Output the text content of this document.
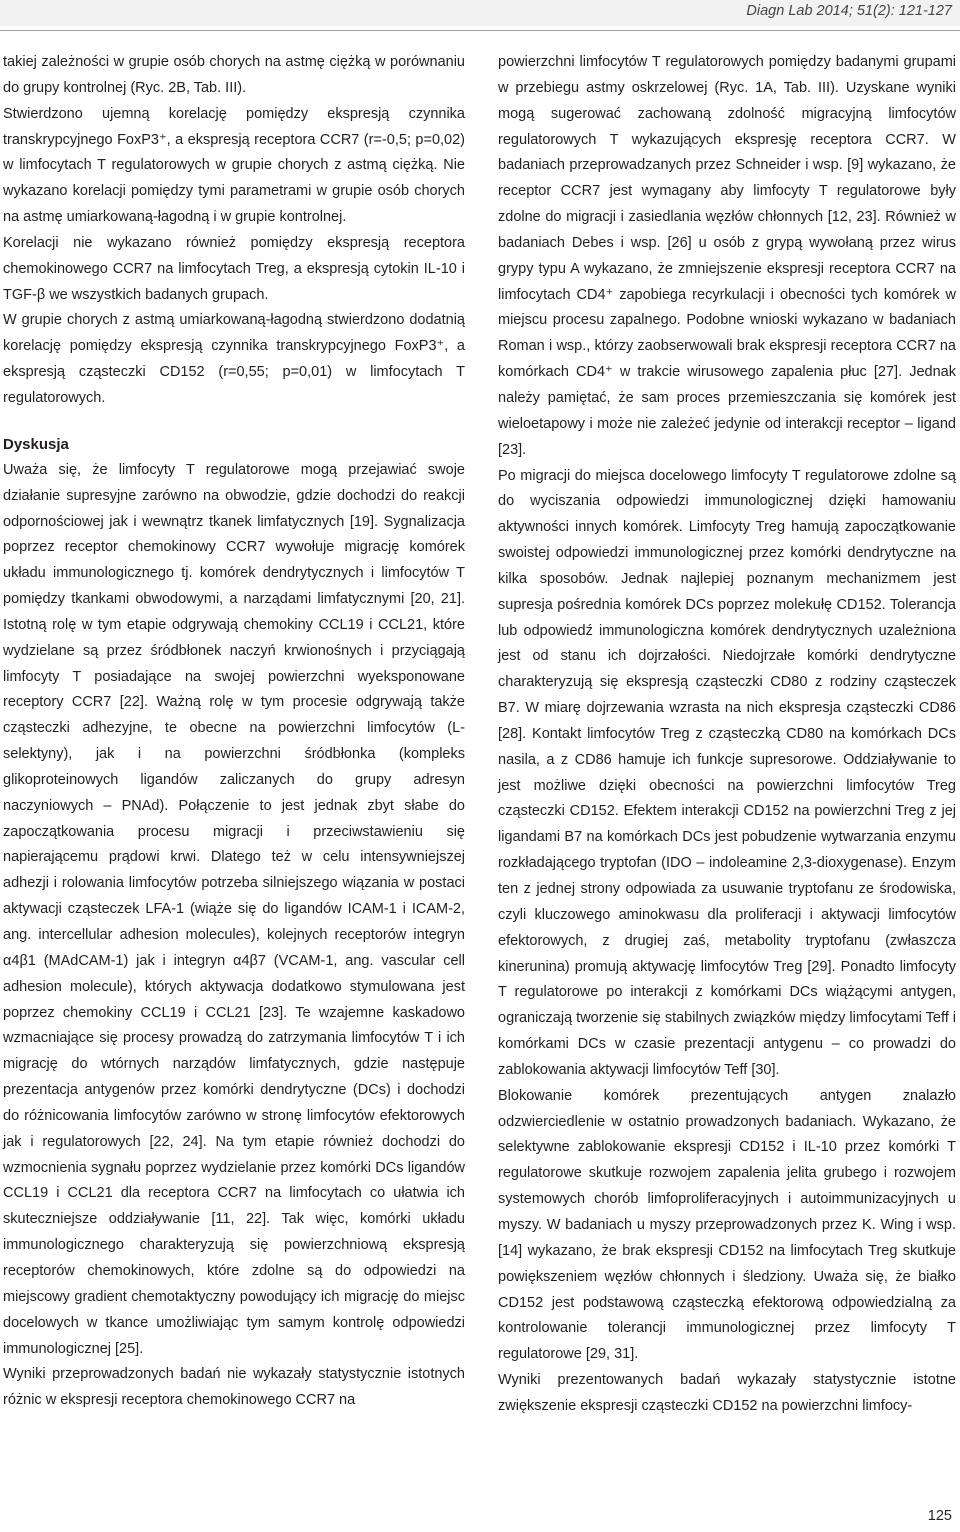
Diagn Lab 2014; 51(2): 121-127

takiej zależności w grupie osób chorych na astmę ciężką w porównaniu do grupy kontrolnej (Ryc. 2B, Tab. III).

Stwierdzono ujemną korelację pomiędzy ekspresją czynnika transkrypcyjnego FoxP3⁺, a ekspresją receptora CCR7 (r=-0,5; p=0,02) w limfocytach T regulatorowych w grupie chorych z astmą ciężką. Nie wykazano korelacji pomiędzy tymi parametrami w grupie osób chorych na astmę umiarkowaną-łagodną i w grupie kontrolnej.

Korelacji nie wykazano również pomiędzy ekspresją receptora chemokinowego CCR7 na limfocytach Treg, a ekspresją cytokin IL-10 i TGF-β we wszystkich badanych grupach.

W grupie chorych z astmą umiarkowaną-łagodną stwierdzono dodatnią korelację pomiędzy ekspresją czynnika transkrypcyjnego FoxP3⁺, a ekspresją cząsteczki CD152 (r=0,55; p=0,01) w limfocytach T regulatorowych.

Dyskusja

Uważa się, że limfocyty T regulatorowe mogą przejawiać swoje działanie supresyjne zarówno na obwodzie, gdzie dochodzi do reakcji odpornościowej jak i wewnątrz tkanek limfatycznych [19]. Sygnalizacja poprzez receptor chemokinowy CCR7 wywołuje migrację komórek układu immunologicznego tj. komórek dendrytycznych i limfocytów T pomiędzy tkankami obwodowymi, a narządami limfatycznymi [20, 21]. Istotną rolę w tym etapie odgrywają chemokiny CCL19 i CCL21, które wydzielane są przez śródbłonek naczyń krwionośnych i przyciągają limfocyty T posiadające na swojej powierzchni wyeksponowane receptory CCR7 [22]. Ważną rolę w tym procesie odgrywają także cząsteczki adhezyjne, te obecne na powierzchni limfocytów (L-selektyny), jak i na powierzchni śródbłonka (kompleks glikoproteinowych ligandów zaliczanych do grupy adresyn naczyniowych – PNAd). Połączenie to jest jednak zbyt słabe do zapoczątkowania procesu migracji i przeciwstawieniu się napierającemu prądowi krwi. Dlatego też w celu intensywniejszej adhezji i rolowania limfocytów potrzeba silniejszego wiązania w postaci aktywacji cząsteczek LFA-1 (wiąże się do ligandów ICAM-1 i ICAM-2, ang. intercellular adhesion molecules), kolejnych receptorów integryn α4β1 (MAdCAM-1) jak i integryn α4β7 (VCAM-1, ang. vascular cell adhesion molecule), których aktywacja dodatkowo stymulowana jest poprzez chemokiny CCL19 i CCL21 [23]. Te wzajemne kaskadowo wzmacniające się procesy prowadzą do zatrzymania limfocytów T i ich migrację do wtórnych narządów limfatycznych, gdzie następuje prezentacja antygenów przez komórki dendrytyczne (DCs) i dochodzi do różnicowania limfocytów zarówno w stronę limfocytów efektorowych jak i regulatorowych [22, 24]. Na tym etapie również dochodzi do wzmocnienia sygnału poprzez wydzielanie przez komórki DCs ligandów CCL19 i CCL21 dla receptora CCR7 na limfocytach co ułatwia ich skuteczniejsze oddziaływanie [11, 22]. Tak więc, komórki układu immunologicznego charakteryzują się powierzchniową ekspresją receptorów chemokinowych, które zdolne są do odpowiedzi na miejscowy gradient chemotaktyczny powodujący ich migrację do miejsc docelowych w tkance umożliwiając tym samym kontrolę odpowiedzi immunologicznej [25].

Wyniki przeprowadzonych badań nie wykazały statystycznie istotnych różnic w ekspresji receptora chemokinowego CCR7 na

powierzchni limfocytów T regulatorowych pomiędzy badanymi grupami w przebiegu astmy oskrzelowej (Ryc. 1A, Tab. III). Uzyskane wyniki mogą sugerować zachowaną zdolność migracyjną limfocytów regulatorowych T wykazujących ekspresję receptora CCR7. W badaniach przeprowadzanych przez Schneider i wsp. [9] wykazano, że receptor CCR7 jest wymagany aby limfocyty T regulatorowe były zdolne do migracji i zasiedlania węzłów chłonnych [12, 23]. Również w badaniach Debes i wsp. [26] u osób z grypą wywołaną przez wirus grypy typu A wykazano, że zmniejszenie ekspresji receptora CCR7 na limfocytach CD4⁺ zapobiega recyrkulacji i obecności tych komórek w miejscu procesu zapalnego. Podobne wnioski wykazano w badaniach Roman i wsp., którzy zaobserwowali brak ekspresji receptora CCR7 na komórkach CD4⁺ w trakcie wirusowego zapalenia płuc [27]. Jednak należy pamiętać, że sam proces przemieszczania się komórek jest wieloetapowy i może nie zależeć jedynie od interakcji receptor – ligand [23].

Po migracji do miejsca docelowego limfocyty T regulatorowe zdolne są do wyciszania odpowiedzi immunologicznej dzięki hamowaniu aktywności innych komórek. Limfocyty Treg hamują zapoczątkowanie swoistej odpowiedzi immunologicznej przez komórki dendrytyczne na kilka sposobów. Jednak najlepiej poznanym mechanizmem jest supresja pośrednia komórek DCs poprzez molekułę CD152. Tolerancja lub odpowiedź immunologiczna komórek dendrytycznych uzależniona jest od stanu ich dojrzałości. Niedojrzałe komórki dendrytyczne charakteryzują się ekspresją cząsteczki CD80 z rodziny cząsteczek B7. W miarę dojrzewania wzrasta na nich ekspresja cząsteczki CD86 [28]. Kontakt limfocytów Treg z cząsteczką CD80 na komórkach DCs nasila, a z CD86 hamuje ich funkcje supresorowe. Oddziaływanie to jest możliwe dzięki obecności na powierzchni limfocytów Treg cząsteczki CD152. Efektem interakcji CD152 na powierzchni Treg z jej ligandami B7 na komórkach DCs jest pobudzenie wytwarzania enzymu rozkładającego tryptofan (IDO – indoleamine 2,3-dioxygenase). Enzym ten z jednej strony odpowiada za usuwanie tryptofanu ze środowiska, czyli kluczowego aminokwasu dla proliferacji i aktywacji limfocytów efektorowych, z drugiej zaś, metabolity tryptofanu (zwłaszcza kinerunina) promują aktywację limfocytów Treg [29]. Ponadto limfocyty T regulatorowe po interakcji z komórkami DCs wiążącymi antygen, ograniczają tworzenie się stabilnych związków między limfocytami Teff i komórkami DCs w czasie prezentacji antygenu – co prowadzi do zablokowania aktywacji limfocytów Teff [30].

Blokowanie komórek prezentujących antygen znalazło odzwierciedlenie w ostatnio prowadzonych badaniach. Wykazano, że selektywne zablokowanie ekspresji CD152 i IL-10 przez komórki T regulatorowe skutkuje rozwojem zapalenia jelita grubego i rozwojem systemowych chorób limfoproliferacyjnych i autoimmunizacyjnych u myszy. W badaniach u myszy przeprowadzonych przez K. Wing i wsp. [14] wykazano, że brak ekspresji CD152 na limfocytach Treg skutkuje powiększeniem węzłów chłonnych i śledziony. Uważa się, że białko CD152 jest podstawową cząsteczką efektorową odpowiedzialną za kontrolowanie tolerancji immunologicznej przez limfocyty T regulatorowe [29, 31].

Wyniki prezentowanych badań wykazały statystycznie istotne zwiększenie ekspresji cząsteczki CD152 na powierzchni limfocy-

125
